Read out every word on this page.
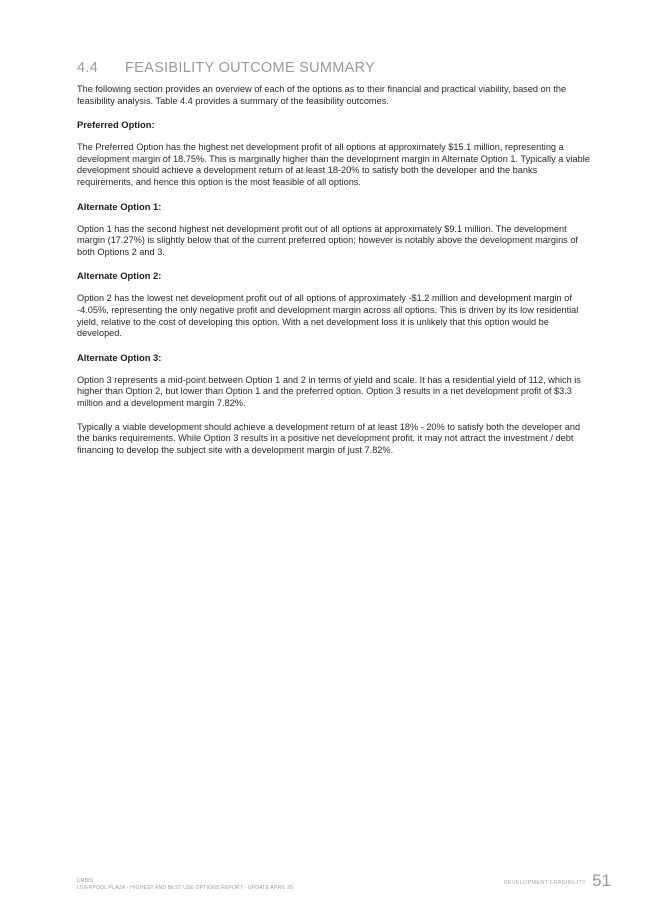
4.4	FEASIBILITY OUTCOME SUMMARY

The following section provides an overview of each of the options as to their financial and practical viability, based on the feasibility analysis. Table 4.4 provides a summary of the feasibility outcomes.

Preferred Option:

The Preferred Option has the highest net development profit of all options at approximately $15.1 million, representing a development margin of 18.75%. This is marginally higher than the development margin in Alternate Option 1. Typically a viable development should achieve a development return of at least 18-20% to satisfy both the developer and the banks requirements, and hence this option is the most feasible of all options.

Alternate Option 1:

Option 1 has the second highest net development profit out of all options at approximately $9.1 million. The development margin (17.27%) is slightly below that of the current preferred option; however is notably above the development margins of both Options 2 and 3.

Alternate Option 2:

Option 2 has the lowest net development profit out of all options of approximately -$1.2 million and development margin of -4.05%, representing the only negative profit and development margin across all options. This is driven by its low residential yield, relative to the cost of developing this option. With a net development loss it is unlikely that this option would be developed.

Alternate Option 3:

Option 3 represents a mid-point between Option 1 and 2 in terms of yield and scale. It has a residential yield of 112, which is higher than Option 2, but lower than Option 1 and the preferred option. Option 3 results in a net development profit of $3.3 million and a development margin 7.82%.

Typically a viable development should achieve a development return of at least 18% - 20% to satisfy both the developer and the banks requirements. While Option 3 results in a positive net development profit, it may not attract the investment / debt financing to develop the subject site with a development margin of just 7.82%.

URBIS
LIVERPOOL PLAZA - HIGHEST AND BEST USE OPTIONS REPORT - UPDATE APRIL 25
DEVELOPMENT FEASIBILITY 51
